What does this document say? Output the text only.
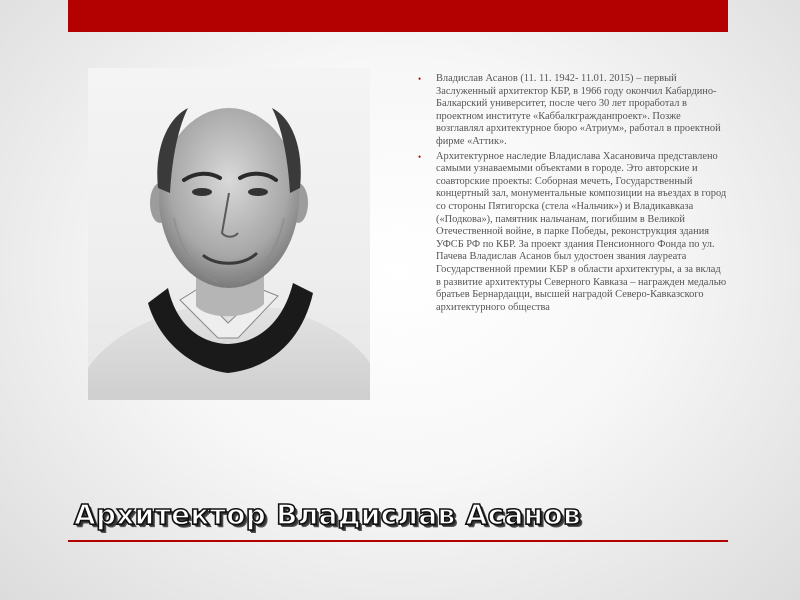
• Владислав Асанов (11. 11. 1942- 11.01. 2015) – первый Заслуженный архитектор КБР, в 1966 году окончил Кабардино-Балкарский университет, после чего 30 лет проработал в проектном институте «Каббалкгражданпроект». Позже возглавлял архитектурное бюро «Атриум», работал в проектной фирме «Аттик».
• Архитектурное наследие Владислава Хасановича представлено самыми узнаваемыми объектами в городе. Это авторские и соавторские проекты: Соборная мечеть, Государственный концертный зал, монументальные композиции на въездах в город со стороны Пятигорска (стела «Нальчик») и Владикавказа («Подкова»), памятник нальчанам, погибшим в Великой Отечественной войне, в парке Победы, реконструкция здания УФСБ РФ по КБР. За проект здания Пенсионного Фонда по ул. Пачева Владислав Асанов был удостоен звания лауреата Государственной премии КБР в области архитектуры, а за вклад в развитие архитектуры Северного Кавказа – награжден медалью братьев Бернардацци, высшей наградой Северо-Кавказского архитектурного общества
Архитектор Владислав Асанов
